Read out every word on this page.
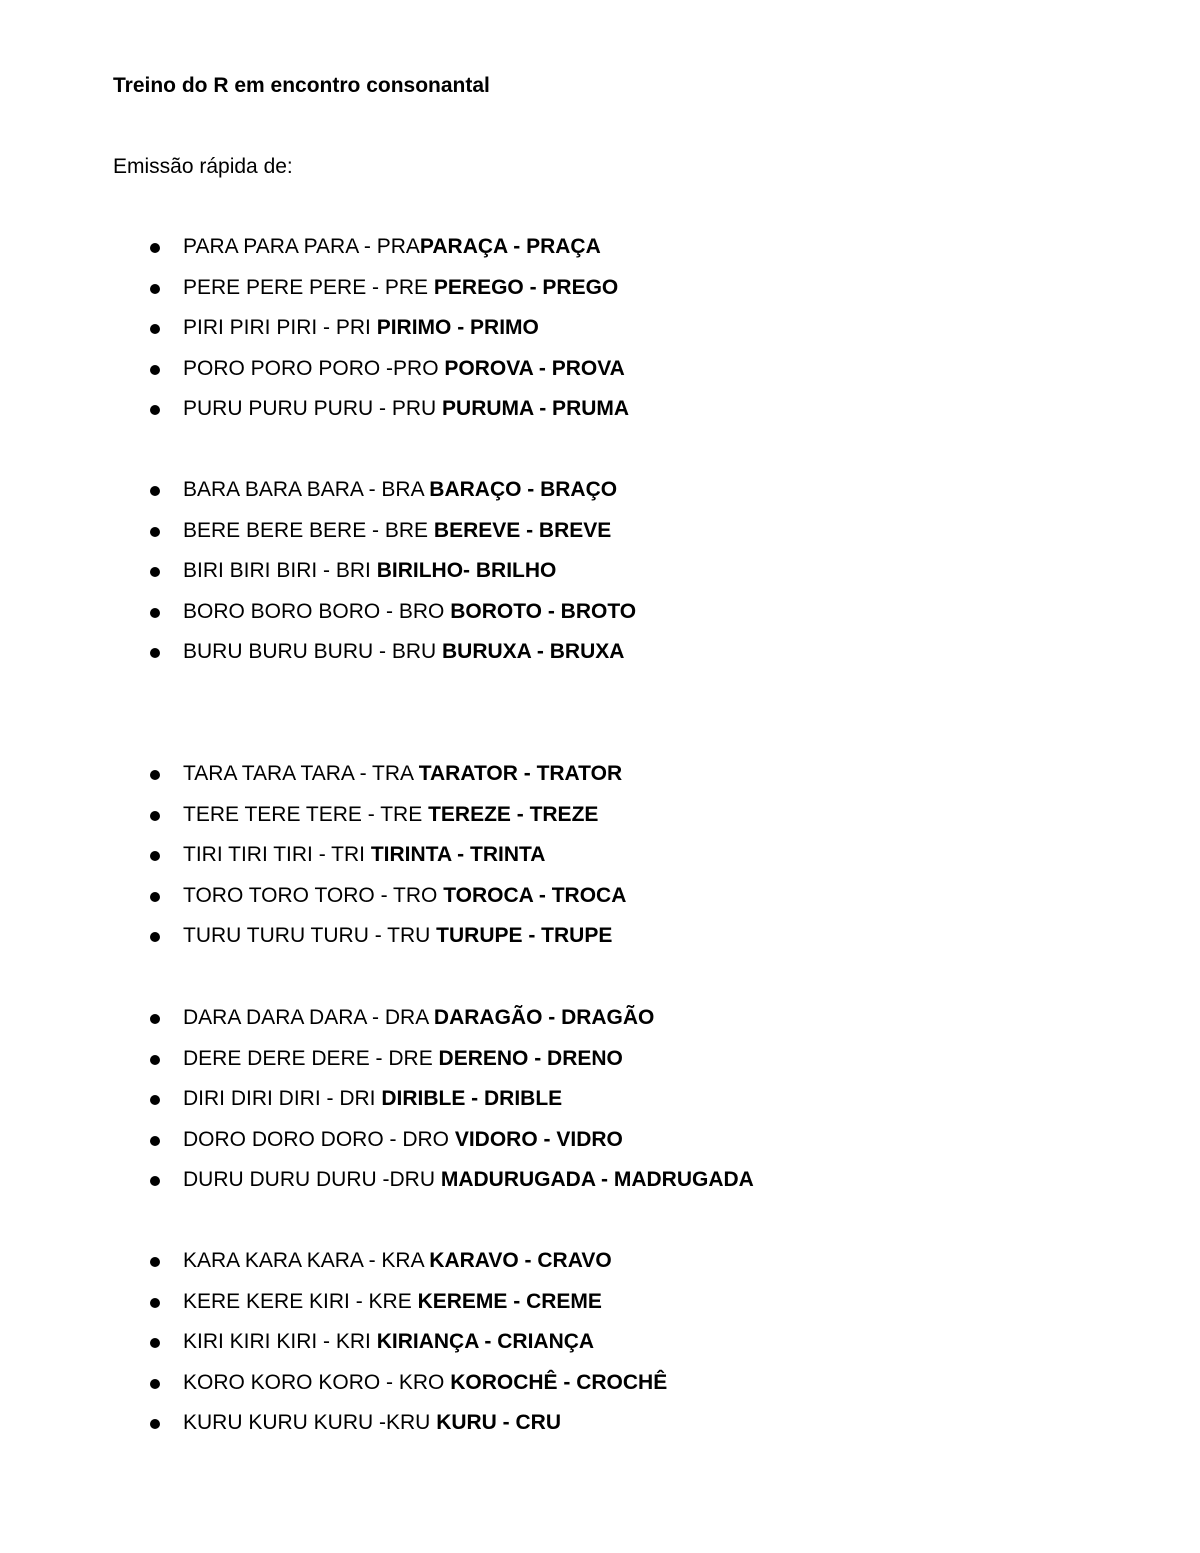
Treino do R em encontro consonantal
Emissão rápida de:
PARA PARA PARA - PRAPARAÇA - PRAÇA
PERE PERE PERE - PRE PEREGO - PREGO
PIRI PIRI PIRI - PRI PIRIMO - PRIMO
PORO PORO PORO -PRO POROVA - PROVA
PURU PURU PURU - PRU PURUMA - PRUMA
BARA BARA BARA - BRA BARAÇO - BRAÇO
BERE BERE BERE - BRE BEREVE - BREVE
BIRI BIRI BIRI - BRI BIRILHO- BRILHO
BORO BORO BORO - BRO BOROTO - BROTO
BURU BURU BURU - BRU BURUXA - BRUXA
TARA TARA TARA - TRA TARATOR - TRATOR
TERE TERE TERE - TRE TEREZE - TREZE
TIRI TIRI TIRI - TRI TIRINTA - TRINTA
TORO TORO TORO - TRO TOROCA - TROCA
TURU TURU TURU - TRU TURUPE - TRUPE
DARA DARA DARA - DRA DARAGÃO - DRAGÃO
DERE DERE DERE - DRE DERENO - DRENO
DIRI DIRI DIRI - DRI DIRIBLE - DRIBLE
DORO DORO DORO - DRO VIDORO - VIDRO
DURU DURU DURU -DRU MADURUGADA - MADRUGADA
KARA KARA KARA - KRA KARAVO - CRAVO
KERE KERE KIRI - KRE KEREME - CREME
KIRI KIRI KIRI - KRI KIRIANÇA - CRIANÇA
KORO KORO KORO - KRO KOROCHÊ - CROCHÊ
KURU KURU KURU -KRU KURU - CRU
